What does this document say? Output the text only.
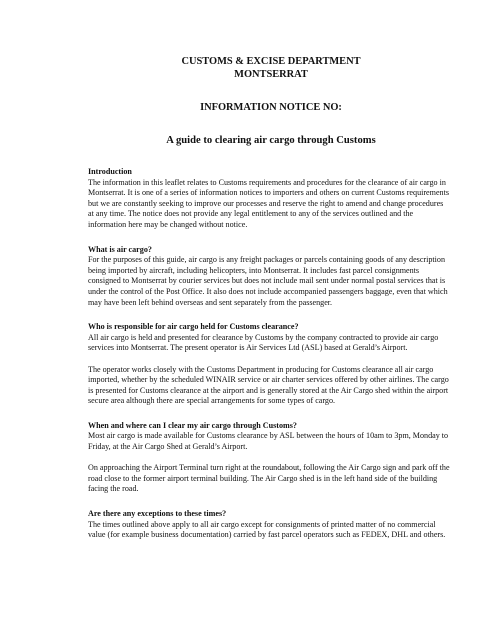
CUSTOMS & EXCISE DEPARTMENT
MONTSERRAT
INFORMATION NOTICE NO:
A guide to clearing air cargo through Customs
Introduction

The information in this leaflet relates to Customs requirements and procedures for the clearance of air cargo in Montserrat. It is one of a series of information notices to importers and others on current Customs requirements but we are constantly seeking to improve our processes and reserve the right to amend and change procedures at any time. The notice does not provide any legal entitlement to any of the services outlined and the information here may be changed without notice.

What is air cargo?

For the purposes of this guide, air cargo is any freight packages or parcels containing goods of any description being imported by aircraft, including helicopters, into Montserrat. It includes fast parcel consignments consigned to Montserrat by courier services but does not include mail sent under normal postal services that is under the control of the Post Office. It also does not include accompanied passengers baggage, even that which may have been left behind overseas and sent separately from the passenger.

Who is responsible for air cargo held for Customs clearance?

All air cargo is held and presented for clearance by Customs by the company contracted to provide air cargo services into Montserrat. The present operator is Air Services Ltd (ASL) based at Gerald’s Airport.

The operator works closely with the Customs Department in producing for Customs clearance all air cargo imported, whether by the scheduled WINAIR service or air charter services offered by other airlines. The cargo is presented for Customs clearance at the airport and is generally stored at the Air Cargo shed within the airport secure area although there are special arrangements for some types of cargo.

When and where can I clear my air cargo through Customs?

Most air cargo is made available for Customs clearance by ASL between the hours of 10am to 3pm, Monday to Friday, at the Air Cargo Shed at Gerald’s Airport.

On approaching the Airport Terminal turn right at the roundabout, following the Air Cargo sign and park off the road close to the former airport terminal building. The Air Cargo shed is in the left hand side of the building facing the road.

Are there any exceptions to these times?

The times outlined above apply to all air cargo except for consignments of printed matter of no commercial value (for example business documentation) carried by fast parcel operators such as FEDEX, DHL and others.
